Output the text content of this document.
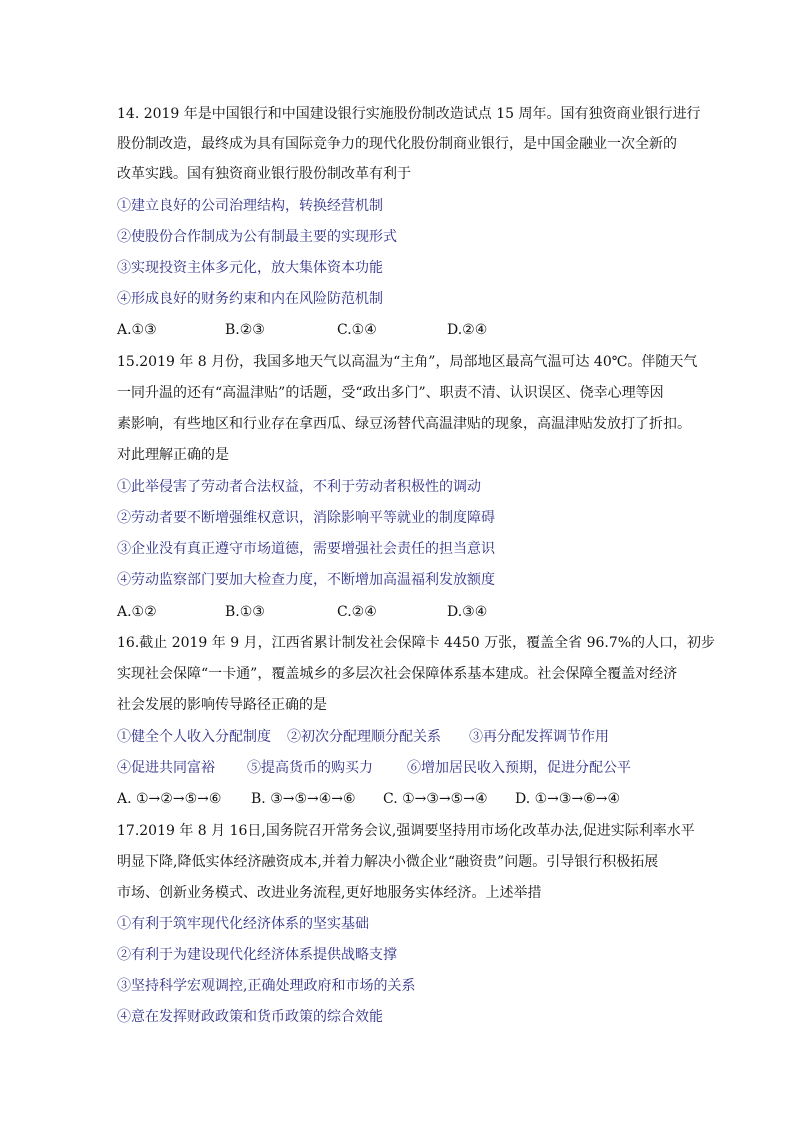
14. 2019 年是中国银行和中国建设银行实施股份制改造试点 15 周年。国有独资商业银行进行
股份制改造，最终成为具有国际竞争力的现代化股份制商业银行，是中国金融业一次全新的
改革实践。国有独资商业银行股份制改革有利于
①建立良好的公司治理结构，转换经营机制
②使股份合作制成为公有制最主要的实现形式
③实现投资主体多元化，放大集体资本功能
④形成良好的财务约束和内在风险防范机制
A.①③	B.②③	C.①④	D.②④
15.2019 年 8 月份，我国多地天气以高温为“主角”，局部地区最高气温可达 40℃。伴随天气
一同升温的还有“高温津贴”的话题，受“政出多门”、职责不清、认识误区、侥幸心理等因
素影响，有些地区和行业存在拿西瓜、绿豆汤替代高温津贴的现象，高温津贴发放打了折扣。
对此理解正确的是
①此举侵害了劳动者合法权益，不利于劳动者积极性的调动
②劳动者要不断增强维权意识，消除影响平等就业的制度障碍
③企业没有真正遵守市场道德，需要增强社会责任的担当意识
④劳动监察部门要加大检查力度，不断增加高温福利发放额度
A.①②	B.①③	C.②④	D.③④
16.截止 2019 年 9 月，江西省累计制发社会保障卡 4450 万张，覆盖全省 96.7%的人口，初步
实现社会保障“一卡通”，覆盖城乡的多层次社会保障体系基本建成。社会保障全覆盖对经济
社会发展的影响传导路径正确的是
①健全个人收入分配制度 ②初次分配理顺分配关系 ③再分配发挥调节作用
④促进共同富裕 ⑤提高货币的购买力 ⑥增加居民收入预期，促进分配公平
A. ①→②→⑤→⑥ B. ③→⑤→④→⑥ C. ①→③→⑤→④ D. ①→③→⑥→④
17.2019 年 8 月 16日,国务院召开常务会议,强调要坚持用市场化改革办法,促进实际利率水平
明显下降,降低实体经济融资成本,并着力解决小微企业“融资贵”问题。引导银行积极拓展
市场、创新业务模式、改进业务流程,更好地服务实体经济。上述举措
①有利于筑牢现代化经济体系的坚实基础
②有利于为建设现代化经济体系提供战略支撑
③坚持科学宏观调控,正确处理政府和市场的关系
④意在发挥财政政策和货币政策的综合效能
